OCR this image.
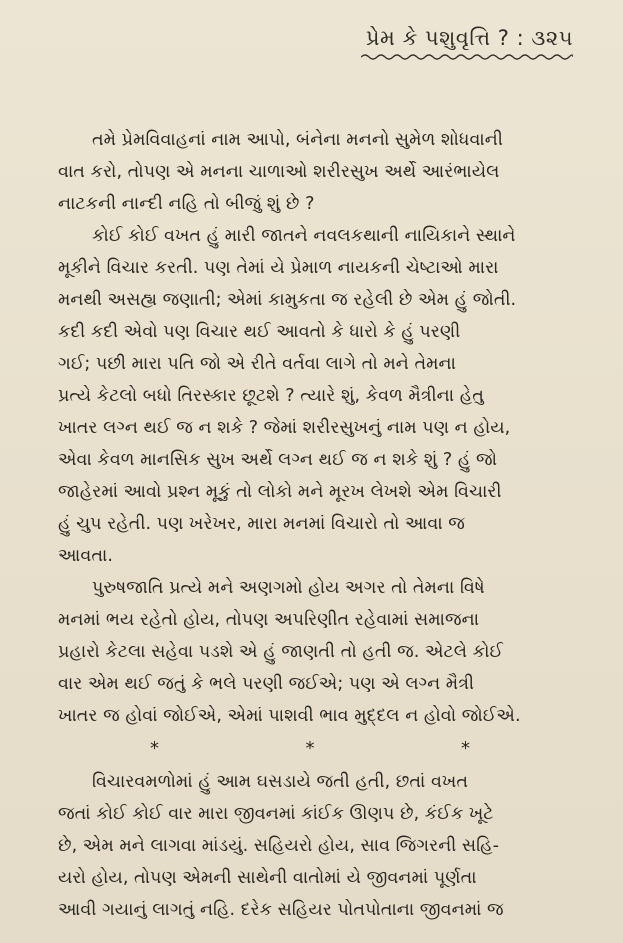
પ્રેમ કે પશુવૃત્તિ ? : ૩૨૫
તમે પ્રેમવિવાહનાં નામ આપો, બંનેના મનનો સુમેળ શોધવાની
વાત કરો, તોપણ એ મનના ચાળાઓ શરીરસુખ અર્થે આરંભાયેલ
નાટકની નાન્દી નહિ તો બીજું શું છે ?
કોઈ કોઈ વખત હું મારી જાતને નવલકથાની નાયિકાને સ્થાને
મૂકીને વિચાર કરતી. પણ તેમાં યે પ્રેમાળ નાયકની ચેષ્ટાઓ મારા
મનથી અસહ્ય જણાતી; એમાં કામુકતા જ રહેલી છે એમ હું જોતી.
કદી કદી એવો પણ વિચાર થઈ આવતો કે ધારો કે હું પરણી
ગઈ; પછી મારા પતિ જો એ રીતે વર્તવા લાગે તો મને તેમના
પ્રત્યે કેટલો બધો તિરસ્કાર છૂટશે ? ત્યારે શું, કેવળ મૈત્રીના હેતુ
ખાતર લગ્ન થઈ જ ન શકે ? જેમાં શરીરસુખનું નામ પણ ન હોય,
એવા કેવળ માનસિક સુખ અર્થે લગ્ન થઈ જ ન શકે શું ? હું જો
જાહેરમાં આવો પ્રશ્ન મૂકું તો લોકો મને મૂરખ લેખશે એમ વિચારી
હું ચુપ રહેતી. પણ ખરેખર, મારા મનમાં વિચારો તો આવા જ
આવતા.
પુરુષજાતિ પ્રત્યે મને અણગમો હોય અગર તો તેમના વિષે
મનમાં ભય રહેતો હોય, તોપણ અપરિણીત રહેવામાં સમાજના
પ્રહારો કેટલા સહેવા પડશે એ હું જાણતી તો હતી જ. એટલે કોઈ
વાર એમ થઈ જતું કે ભલે પરણી જઈએ; પણ એ લગ્ન મૈત્રી
ખાતર જ હોવાં જોઈએ, એમાં પાશવી ભાવ મુદ્દલ ન હોવો જોઈએ.
*	*	*
વિચારવમળોમાં હું આમ ઘસડાયે જતી હતી, છતાં વખત
જતાં કોઈ કોઈ વાર મારા જીવનમાં કાંઈક ઊણપ છે, કંઈક ખૂટે
છે, એમ મને લાગવા માંડયું. સહિયરો હોય, સાવ જિગરની સહિ-
યરો હોય, તોપણ એમની સાથેની વાતોમાં યે જીવનમાં પૂર્ણતા
આવી ગયાનું લાગતું નહિ. દરેક સહિયર પોતપોતાના જીવનમાં જ
